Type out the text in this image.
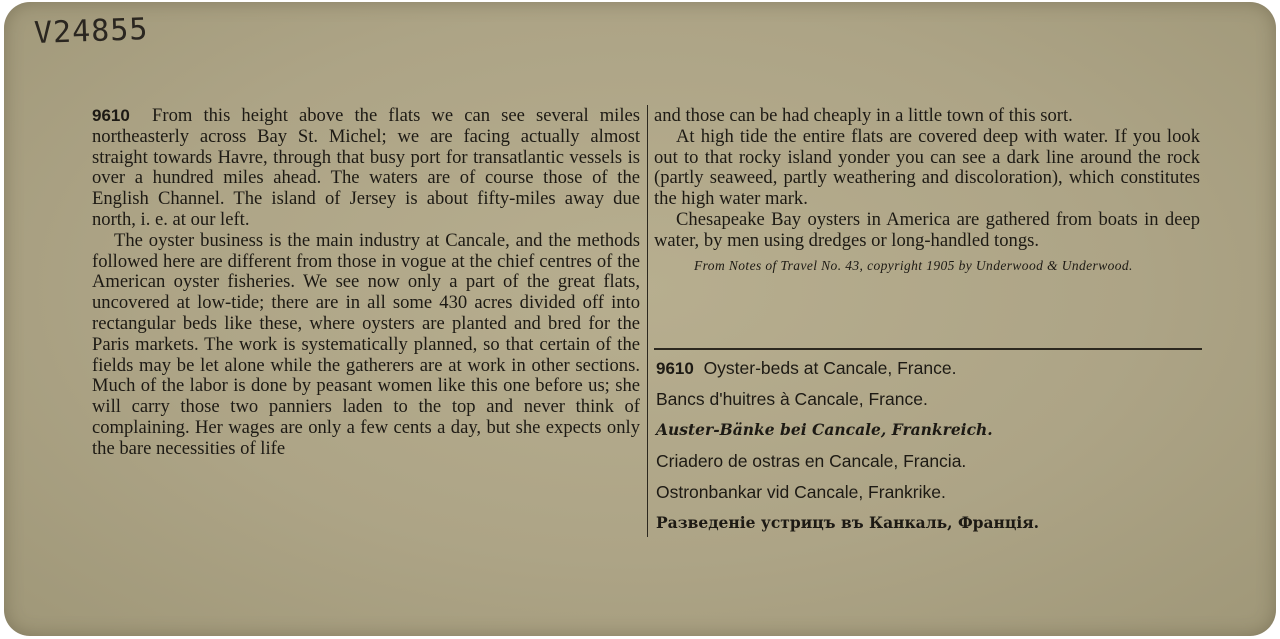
V24855

9610 From this height above the flats we can see several miles northeasterly across Bay St. Michel; we are facing actually almost straight towards Havre, through that busy port for transatlantic vessels is over a hundred miles ahead. The waters are of course those of the English Channel. The island of Jersey is about fifty-miles away due north, i. e. at our left.

The oyster business is the main industry at Cancale, and the methods followed here are different from those in vogue at the chief centres of the American oyster fisheries. We see now only a part of the great flats, uncovered at low-tide; there are in all some 430 acres divided off into rectangular beds like these, where oysters are planted and bred for the Paris markets. The work is systematically planned, so that certain of the fields may be let alone while the gatherers are at work in other sections. Much of the labor is done by peasant women like this one before us; she will carry those two panniers laden to the top and never think of complaining. Her wages are only a few cents a day, but she expects only the bare necessities of life

and those can be had cheaply in a little town of this sort.

At high tide the entire flats are covered deep with water. If you look out to that rocky island yonder you can see a dark line around the rock (partly seaweed, partly weathering and discoloration), which constitutes the high water mark.

Chesapeake Bay oysters in America are gathered from boats in deep water, by men using dredges or long-handled tongs.

From Notes of Travel No. 43, copyright 1905 by Underwood & Underwood.

9610 Oyster-beds at Cancale, France.
Bancs d'huitres à Cancale, France.
Auster-Bänke bei Cancale, Frankreich.
Criadero de ostras en Cancale, Francia.
Ostronbankar vid Cancale, Frankrike.
Разведеніе устрицъ въ Канкаль, Франція.
